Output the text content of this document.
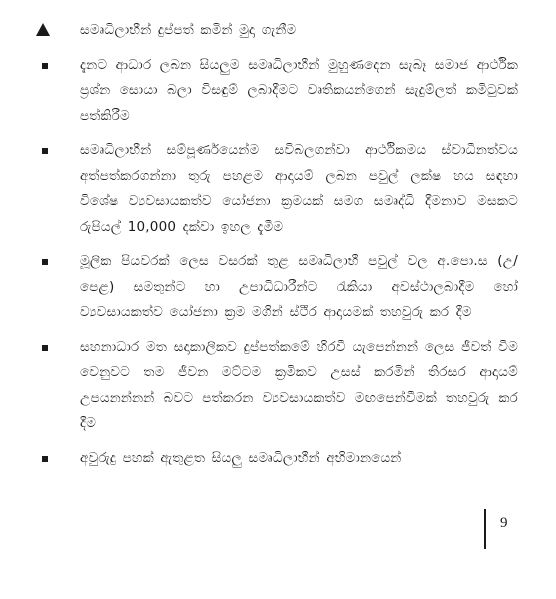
සමෘධිලාභීන් දුප්පත් කමින් මුදා ගැනීම
දැනට ආධාර ලබන සියලුම සමෘධිලාභීන් මුහුණදෙන සැබෑ සමාජ ආර්ථික ප්‍රශ්න සොයා බලා විසඳුම් ලබාදීමට වෘතිකයන්ගෙන් සැදුම්ලත් කමිටුවක් පත්කිරීම
සමෘධිලාභීන් සම්පූර්ණයෙන්ම සවිබලගන්වා ආර්ථිකමය ස්වාධීනත්වය අත්පත්කරගන්නා තුරු පහළම ආදායම් ලබන පවුල් ලක්ෂ හය සඳහා විශේෂ ව්‍යවසායකත්ව යෝජනා ක්‍රමයක් සමග සමෘද්ධි දීමනාව මසකට රුපියල් 10,000 දක්වා ඉහල දැමීම
මූලික පියවරක් ලෙස වසරක් තුළ සමෘධිලාභී පවුල් වල අ.පො.ස (උ/පෙළ) සමතුන්ට හා උපාධිධාරීන්ට රැකියා අවස්ථාලබාදීම හෝ ව්‍යවසායකත්ව යෝජනා ක්‍රම මගින් ස්ථිර ආදායමක් තහවුරු කර දීම
සහනාධාර මත සදාකාලිකව දුප්පත්කමේ හිරවී යැපෙන්නන් ලෙස ජීවත් වීම වෙනුවට තම ජීවන මට්ටම ක්‍රමිකව උසස් කරමින් තිරසර ආදායම් උපයනන්නන් බවට පත්කරන ව්‍යවසායකත්ව මඟපෙන්වීමක් තහවුරු කර දීම
අවුරුදු පහක් ඇතුළත සියලු සමෘධිලාභීන් අභිමානයෙන්
9
